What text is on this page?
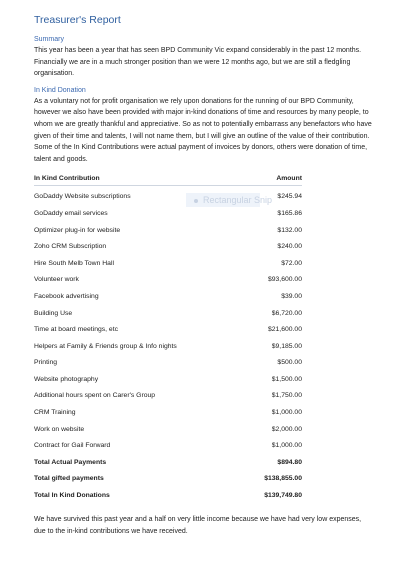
Treasurer's Report
Summary
This year has been a year that has seen BPD Community Vic expand considerably in the past 12 months. Financially we are in a much stronger position than we were 12 months ago, but we are still a fledgling organisation.
In Kind Donation
As a voluntary not for profit organisation we rely upon donations for the running of our BPD Community, however we also have been provided with major in-kind donations of time and resources by many people, to whom we are greatly thankful and appreciative. So as not to potentially embarrass any benefactors who have given of their time and talents, I will not name them, but I will give an outline of the value of their contribution. Some of the In Kind Contributions were actual payment of invoices by donors, others were donation of time, talent and goods.
Rectangular Snip
In Kind Contribution	Amount
GoDaddy Website subscriptions	$245.94
GoDaddy email services	$165.86
Optimizer plug-in for website	$132.00
Zoho CRM Subscription	$240.00
Hire South Melb Town Hall	$72.00
Volunteer work	$93,600.00
Facebook advertising	$39.00
Building Use	$6,720.00
Time at board meetings, etc	$21,600.00
Helpers at Family & Friends group & Info nights	$9,185.00
Printing	$500.00
Website photography	$1,500.00
Additional hours spent on Carer's Group	$1,750.00
CRM Training	$1,000.00
Work on website	$2,000.00
Contract for Gail Forward	$1,000.00
Total Actual Payments	$894.80
Total gifted payments	$138,855.00
Total In Kind Donations	$139,749.80
We have survived this past year and a half on very little income because we have had very low expenses, due to the in-kind contributions we have received.
